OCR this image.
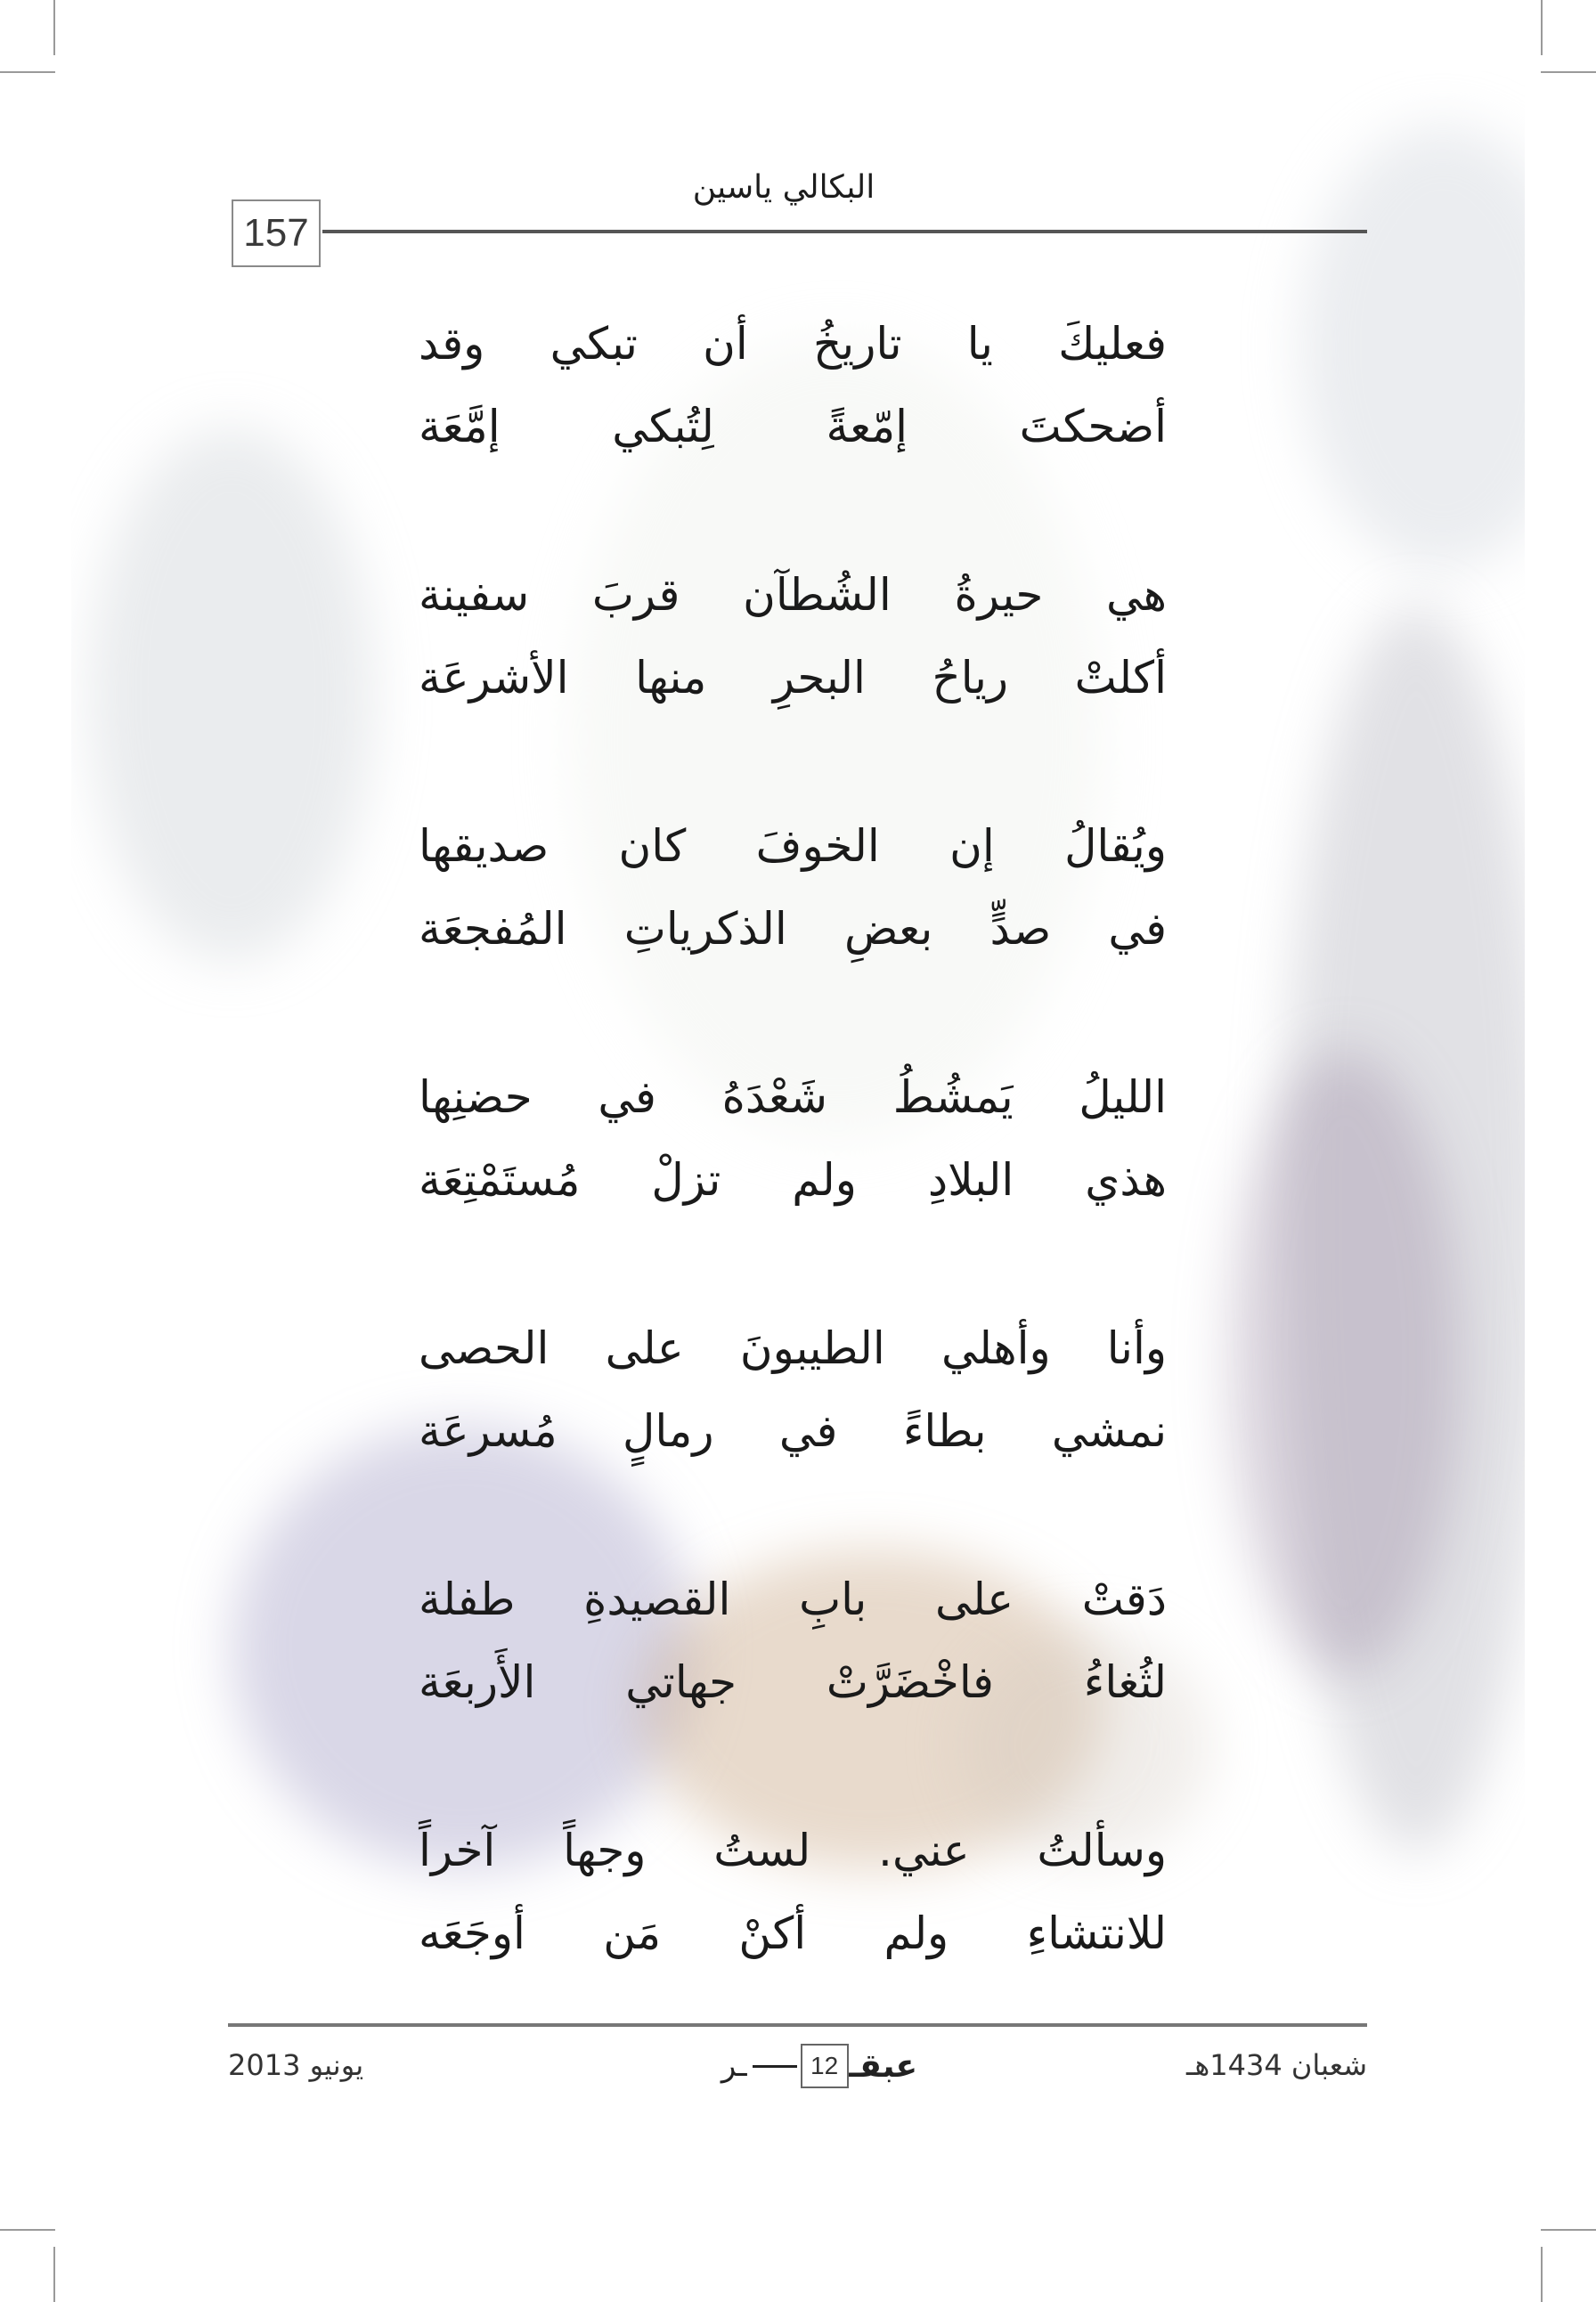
البكالي ياسين
157
فعليكَ يا تاريخُ أن تبكي وقد
أضحكتَ إمّعةً لِتُبكي إمَّعَة
هي حيرةُ الشُطآن قربَ سفينة
أكلتْ رياحُ البحرِ منها الأشرعَة
ويُقالُ إن الخوفَ كان صديقها
في صدٍّ بعضِ الذكرياتِ المُفجعَة
الليلُ يَمشُطُ شَعْدَهُ في حضنِها
هذي البلادِ ولم تزلْ مُستَمْتِعَة
وأنا وأهلي الطيبونَ على الحصى
نمشي بطاءً في رمالٍ مُسرعَة
دَقتْ على بابِ القصيدةِ طفلة
لثُغاءُ فاخْضَرَّتْ جهاتي الأَربعَة
وسألتُ عني. لستُ وجهاً آخراً
للانتشاءِ ولم أكنْ مَن أوجَعَه
يونيو 2013	شعبان 1434هـ
عبقـ
12
ـر
